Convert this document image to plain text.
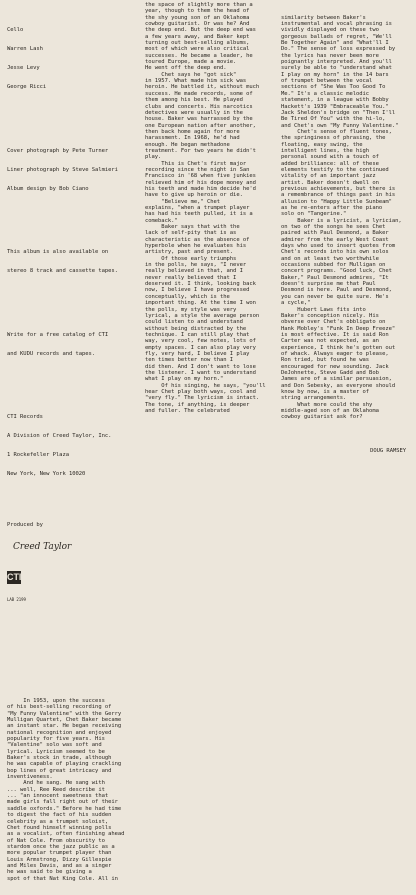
Cello

Warren Lash

Jesse Levy

George Ricci

Cover photograph by Pete Turner

Liner photograph by Steve Salmieri

Album design by Bob Ciano

This album is also available on

stereo 8 track and cassette tapes.

Write for a free catalog of CTI

and KUDU records and tapes.

CTI Records

A Division of Creed Taylor, Inc.

1 Rockefeller Plaza

New York, New York 10020

Produced by

Creed Taylor

CTI

LAB 2199

In 1953, upon the success
of his best-selling recording of
"My Funny Valentine" with the Gerry
Mulligan Quartet, Chet Baker became
an instant star. He began receiving
national recognition and enjoyed
popularity for five years. His
"Valentine" solo was soft and
lyrical. Lyricism seemed to be
Baker's stock in trade, although
he was capable of playing crackling
bop lines of great intricacy and
inventiveness.
And he sang. He sang with
... well, Ree Reed describe it
... "an innocent sweetness that
made girls fall right out of their
saddle oxfords." Before he had time
to digest the fact of his sudden
celebrity as a trumpet soloist,
Chet found himself winning polls
as a vocalist, often finishing ahead
of Nat Cole. From obscurity to
stardom once the jazz public as a
more popular trumpet player than
Louis Armstrong, Dizzy Gillespie
and Miles Davis, and as a singer
he was said to be giving a
spot of that Nat King Cole. All in

the space of slightly more than a
year, though to them the head of
the shy young son of an Oklahoma
cowboy guitarist. Or was he? And
the deep end. But the deep end was
a few years away, and Baker kept
turning out best-selling albums,
most of which were also critical
successes. He became a leader, he
toured Europe, made a movie.
He went off the deep end.
Chet says he "got sick"
in 1957. What made him sick was
heroin. He battled it, without much
success. He made records, some of
them among his best. He played
clubs and concerts. His narcotics
detectives were usually in the
house. Baker was harrassed by the
one European nation after another,
then back home again for more
harassment. In 1968, he'd had
enough. He began methadone
treatment. For two years he didn't
play.
This is Chet's first major
recording since the night in San
Francisco in '68 when five junkies
relieved him of his dope money and
his teeth and made him decide he'd
have to give up heroin or die.
"Believe me," Chet
explains, "when a trumpet player
has had his teeth pulled, it is a
comeback."
Baker says that with the
lack of self-pity that is as
characteristic as the absence of
hyperbole when he evaluates his
artistry, past and present.
Of those early triumphs
in the polls, he says, "I never
really believed in that, and I
never really believed that I
deserved it. I think, looking back
now, I believe I have progressed
conceptually, which is the
important thing. At the time I won
the polls, my style was very
lyrical, a style the average person
could listen to and understand
without being distracted by the
technique. I can still play that
way, very cool, few notes, lots of
empty spaces. I can also play very
fly, very hard, I believe I play
ten times better now than I
did then. And I don't want to lose
the listener. I want to understand
what I play on my horn."
Of his singing, he says, "you'll
hear Chet play both ways, cool and
"very fly." The lyricism is intact.
The tone, if anything, is deeper
and fuller. The celebrated

similarity between Baker's
instrumental and vocal phrasing is
vividly displayed on these two
gorgeous ballads of regret, "We'll
Be Together Again" and "What'll I
Do." The sense of loss expressed by
the lyrics has never been more
poignantly interpreted. And you'll
surely be able to "understand what
I play on my horn" in the 14 bars
of trumpet between the vocal
sections of "She Was Too Good To
Me." It's a classic melodic
statement, in a league with Bobby
Hackett's 1939 "Embraceable You."
Jack Sheldon's bridge on "Then I'll
Be Tired Of You" with the hi-lo,
and Chet's own "My Funny Valentine."
Chet's sense of fluent tones,
the springiness of phrasing, the
floating, easy swing, the
intelligent lines, the high
personal sound with a touch of
added brilliance: all of these
elements testify to the continued
vitality of an important jazz
artist. Baker doesn't dwell on
previous achievements, but there is
a remembrance of things past in his
allusion to "Happy Little Sunbeam"
as he re-enters after the piano
solo on "Tangerine."
Baker is a lyricist, a lyrician,
on two of the songs he sees Chet
paired with Paul Desmond, a Baker
admirer from the early West Coast
days who used to insert quotes from
Chet's records into his own solos
and on at least two worthwhile
occasions subbed for Mulligan on
concert programs. "Good luck, Chet
Baker," Paul Desmond admires, "It
doesn't surprise me that Paul
Desmond is here. Paul and Desmond,
you can never be quite sure. He's
a cycle,"
Hubert Laws fits into
Baker's conception nicely. His
obverse over Chet's obbligato on
Hank Mobley's "Funk In Deep Freeze"
is most effective. It is said Ron
Carter was not expected, as an
experience, I think he's gotten out
of whack. Always eager to please,
Ron tried, but found he was
encouraged for new sounding. Jack
DeJohnette, Steve Gadd and Bob
James are of a similar persuasion,
and Don Sebesky, as everyone should
know by now, is a master of
string arrangements.
What more could the shy
middle-aged son of an Oklahoma
cowboy guitarist ask for?

DOUG RAMSEY
